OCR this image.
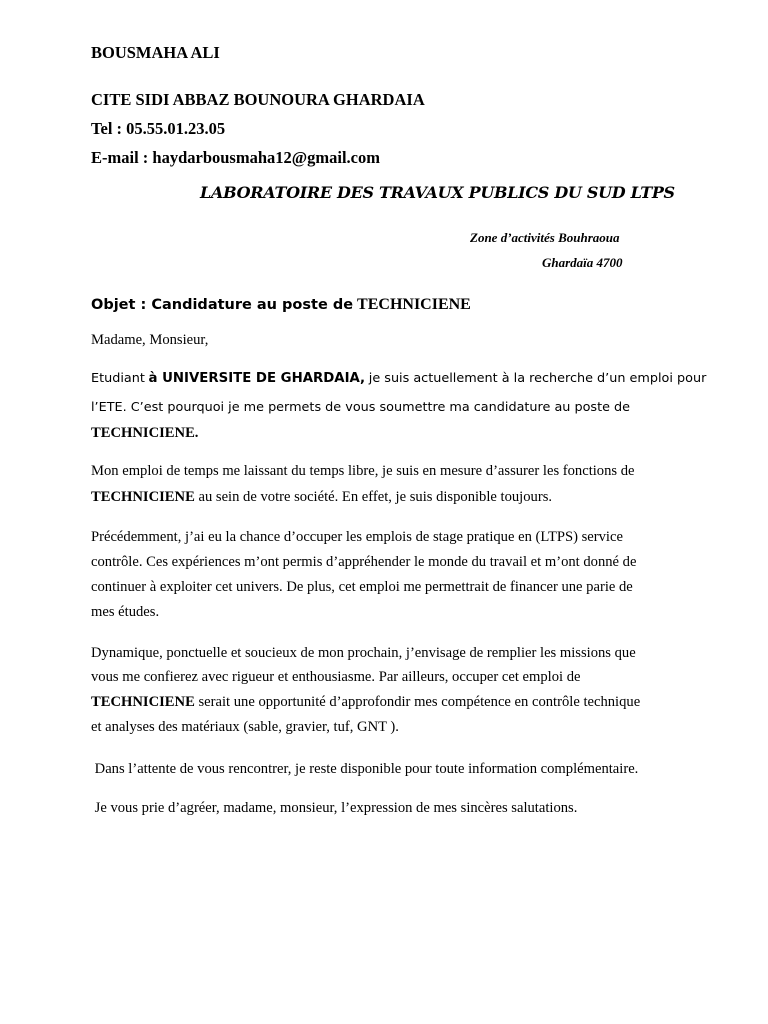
BOUSMAHA ALI
CITE SIDI ABBAZ BOUNOURA GHARDAIA
Tel : 05.55.01.23.05
E-mail : haydarbousmaha12@gmail.com
LABORATOIRE DES TRAVAUX PUBLICS DU SUD LTPS
Zone d’activités Bouhraoua
Ghardaïa 4700
Objet : Candidature au poste de TECHNICIENE
Madame, Monsieur,
Etudiant à UNIVERSITE DE GHARDAIA, je suis actuellement à la recherche d’un emploi pour
l’ETE. C’est pourquoi je me permets de vous soumettre ma candidature au poste de
TECHNICIENE.
Mon emploi de temps me laissant du temps libre, je suis en mesure d’assurer les fonctions de
TECHNICIENE au sein de votre société. En effet, je suis disponible toujours.
Précédemment, j’ai eu la chance d’occuper les emplois de stage pratique en (LTPS) service
contrôle. Ces expériences m’ont permis d’appréhender le monde du travail et m’ont donné de
continuer à exploiter cet univers. De plus, cet emploi me permettrait de financer une parie de
mes études.
Dynamique, ponctuelle et soucieux de mon prochain, j’envisage de remplier les missions que
vous me confierez avec rigueur et enthousiasme. Par ailleurs, occuper cet emploi de
TECHNICIENE serait une opportunité d’approfondir mes compétence en contrôle technique
et analyses des matériaux (sable, gravier, tuf, GNT ).
Dans l’attente de vous rencontrer, je reste disponible pour toute information complémentaire.
Je vous prie d’agréer, madame, monsieur, l’expression de mes sincères salutations.
